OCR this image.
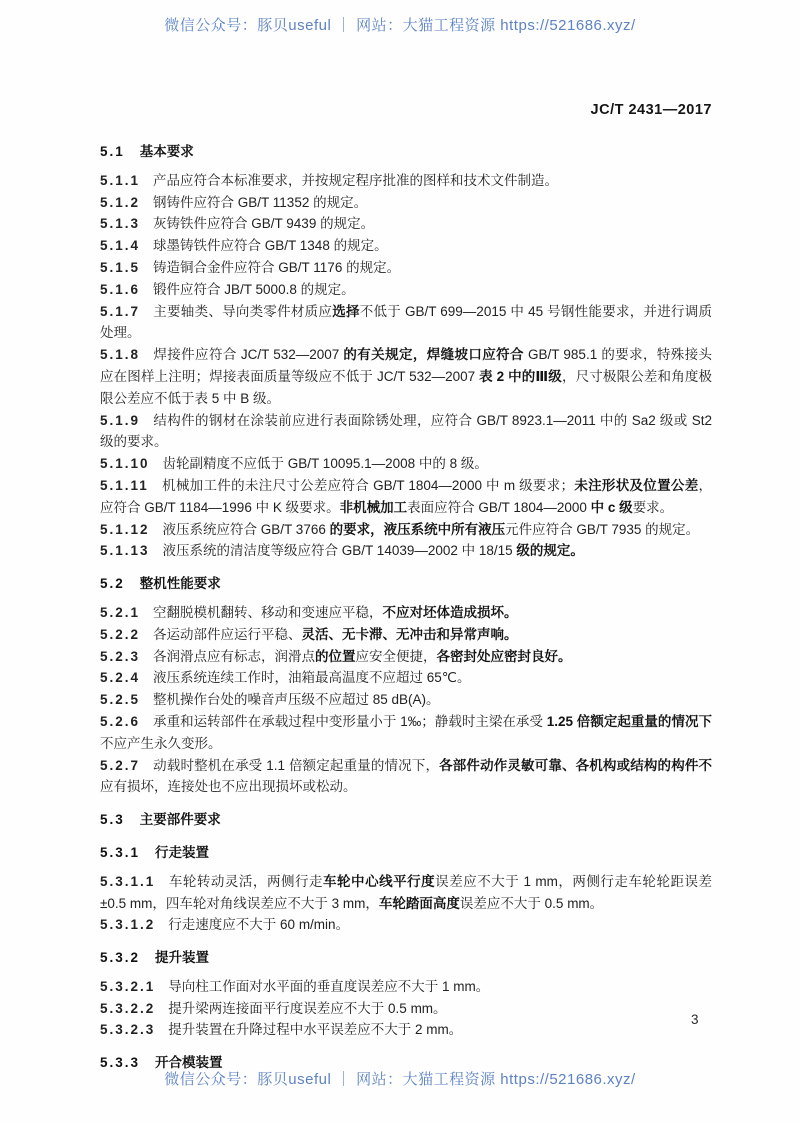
微信公众号：豚贝useful ｜ 网站：大猫工程资源 https://521686.xyz/
JC/T 2431—2017
5.1 基本要求
5.1.1 产品应符合本标准要求，并按规定程序批准的图样和技术文件制造。
5.1.2 钢铸件应符合 GB/T 11352 的规定。
5.1.3 灰铸铁件应符合 GB/T 9439 的规定。
5.1.4 球墨铸铁件应符合 GB/T 1348 的规定。
5.1.5 铸造铜合金件应符合 GB/T 1176 的规定。
5.1.6 锻件应符合 JB/T 5000.8 的规定。
5.1.7 主要轴类、导向类零件材质应选择不低于 GB/T 699—2015 中 45 号钢性能要求，并进行调质处理。
5.1.8 焊接件应符合 JC/T 532—2007 的有关规定，焊缝坡口应符合 GB/T 985.1 的要求，特殊接头应在图样上注明；焊接表面质量等级应不低于 JC/T 532—2007 表 2 中的Ⅲ级，尺寸极限公差和角度极限公差应不低于表 5 中 B 级。
5.1.9 结构件的钢材在涂装前应进行表面除锈处理，应符合 GB/T 8923.1—2011 中的 Sa2 级或 St2 级的要求。
5.1.10 齿轮副精度不应低于 GB/T 10095.1—2008 中的 8 级。
5.1.11 机械加工件的未注尺寸公差应符合 GB/T 1804—2000 中 m 级要求；未注形状及位置公差，应符合 GB/T 1184—1996 中 K 级要求。非机械加工表面应符合 GB/T 1804—2000 中 c 级要求。
5.1.12 液压系统应符合 GB/T 3766 的要求，液压系统中所有液压元件应符合 GB/T 7935 的规定。
5.1.13 液压系统的清洁度等级应符合 GB/T 14039—2002 中 18/15 级的规定。
5.2 整机性能要求
5.2.1 空翻脱模机翻转、移动和变速应平稳，不应对坯体造成损坏。
5.2.2 各运动部件应运行平稳、灵活、无卡滞、无冲击和异常声响。
5.2.3 各润滑点应有标志，润滑点的位置应安全便捷，各密封处应密封良好。
5.2.4 液压系统连续工作时，油箱最高温度不应超过 65℃。
5.2.5 整机操作台处的噪音声压级不应超过 85 dB(A)。
5.2.6 承重和运转部件在承载过程中变形量小于 1‰；静载时主梁在承受 1.25 倍额定起重量的情况下不应产生永久变形。
5.2.7 动载时整机在承受 1.1 倍额定起重量的情况下，各部件动作灵敏可靠、各机构或结构的构件不应有损坏，连接处也不应出现损坏或松动。
5.3 主要部件要求
5.3.1 行走装置
5.3.1.1 车轮转动灵活，两侧行走车轮中心线平行度误差应不大于 1 mm，两侧行走车轮轮距误差±0.5 mm，四车轮对角线误差应不大于 3 mm，车轮踏面高度误差应不大于 0.5 mm。
5.3.1.2 行走速度应不大于 60 m/min。
5.3.2 提升装置
5.3.2.1 导向柱工作面对水平面的垂直度误差应不大于 1 mm。
5.3.2.2 提升梁两连接面平行度误差应不大于 0.5 mm。
5.3.2.3 提升装置在升降过程中水平误差应不大于 2 mm。
5.3.3 开合模装置
3
微信公众号：豚贝useful ｜ 网站：大猫工程资源 https://521686.xyz/
